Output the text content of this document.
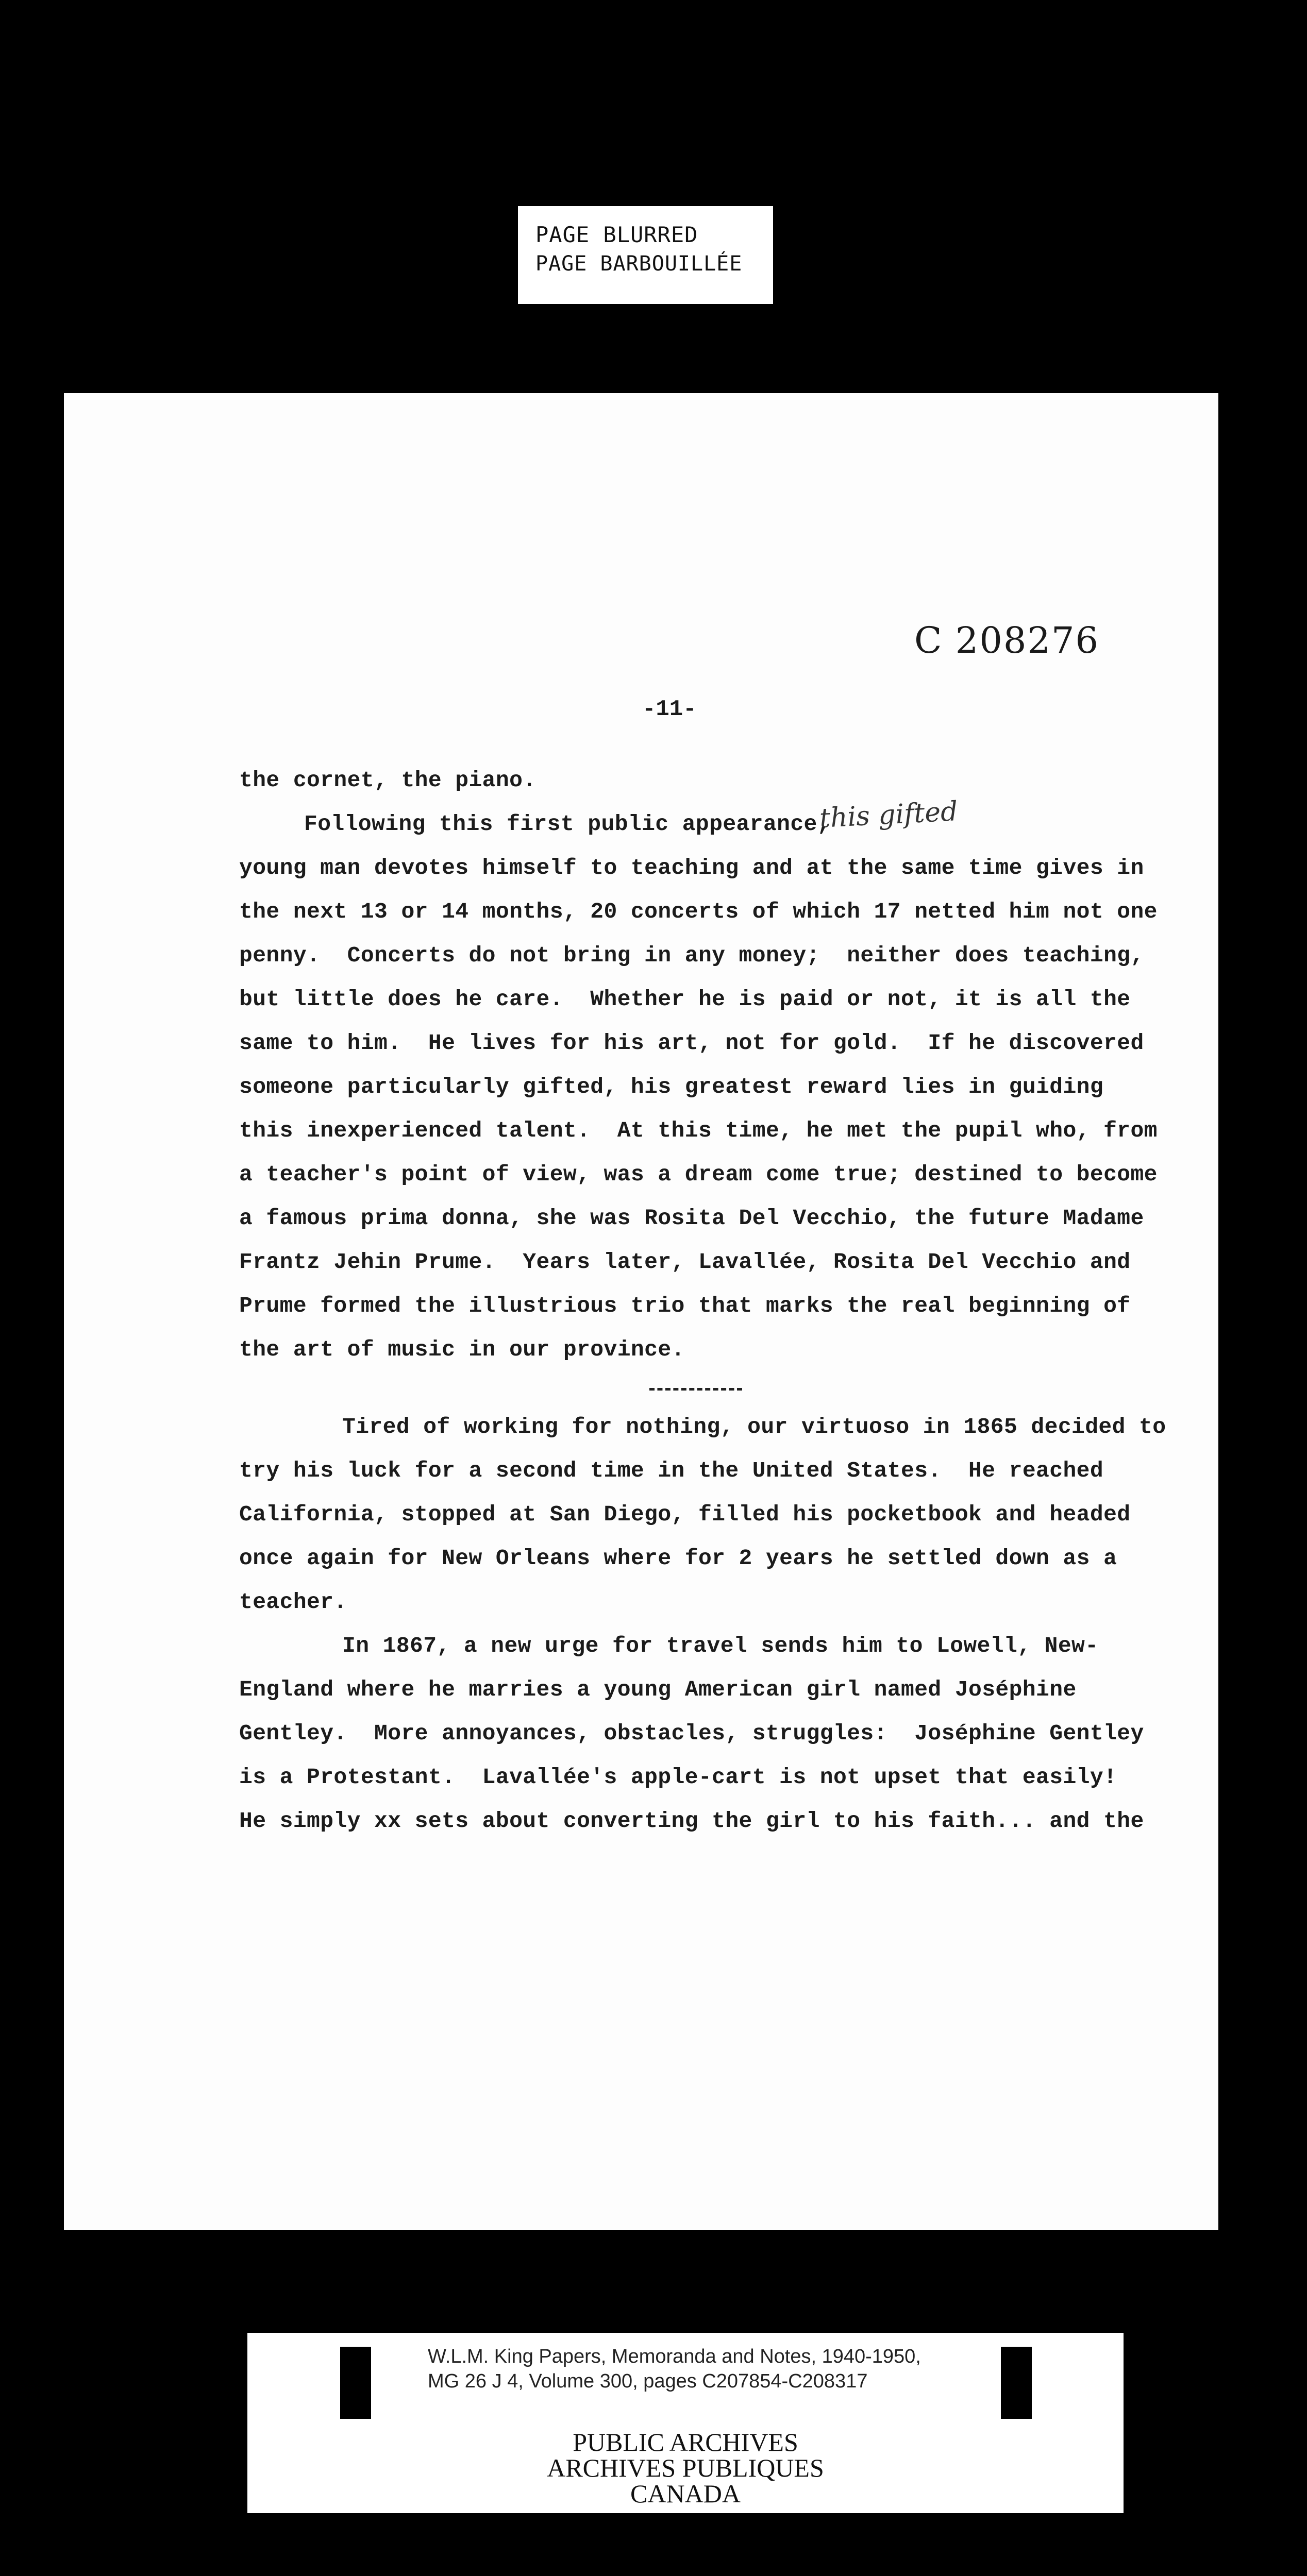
PAGE BLURRED
PAGE BARBOUILLÉE
C 208276
-11-
this gifted
the cornet, the piano.
Following this first public appearance,
young man devotes himself to teaching and at the same time gives in
the next 13 or 14 months, 20 concerts of which 17 netted him not one
penny.  Concerts do not bring in any money;  neither does teaching,
but little does he care.  Whether he is paid or not, it is all the
same to him.  He lives for his art, not for gold.  If he discovered
someone particularly gifted, his greatest reward lies in guiding
this inexperienced talent.  At this time, he met the pupil who, from
a teacher's point of view, was a dream come true; destined to become
a famous prima donna, she was Rosita Del Vecchio, the future Madame
Frantz Jehin Prume.  Years later, Lavallée, Rosita Del Vecchio and
Prume formed the illustrious trio that marks the real beginning of
the art of music in our province.
Tired of working for nothing, our virtuoso in 1865 decided to
try his luck for a second time in the United States.  He reached
California, stopped at San Diego, filled his pocketbook and headed
once again for New Orleans where for 2 years he settled down as a
teacher.
In 1867, a new urge for travel sends him to Lowell, New-
England where he marries a young American girl named Joséphine
Gentley.  More annoyances, obstacles, struggles:  Joséphine Gentley
is a Protestant.  Lavallée's apple-cart is not upset that easily!
He simply xx sets about converting the girl to his faith... and the
W.L.M. King Papers, Memoranda and Notes, 1940-1950,
MG 26 J 4, Volume 300, pages C207854-C208317
PUBLIC ARCHIVES
ARCHIVES PUBLIQUES
CANADA
